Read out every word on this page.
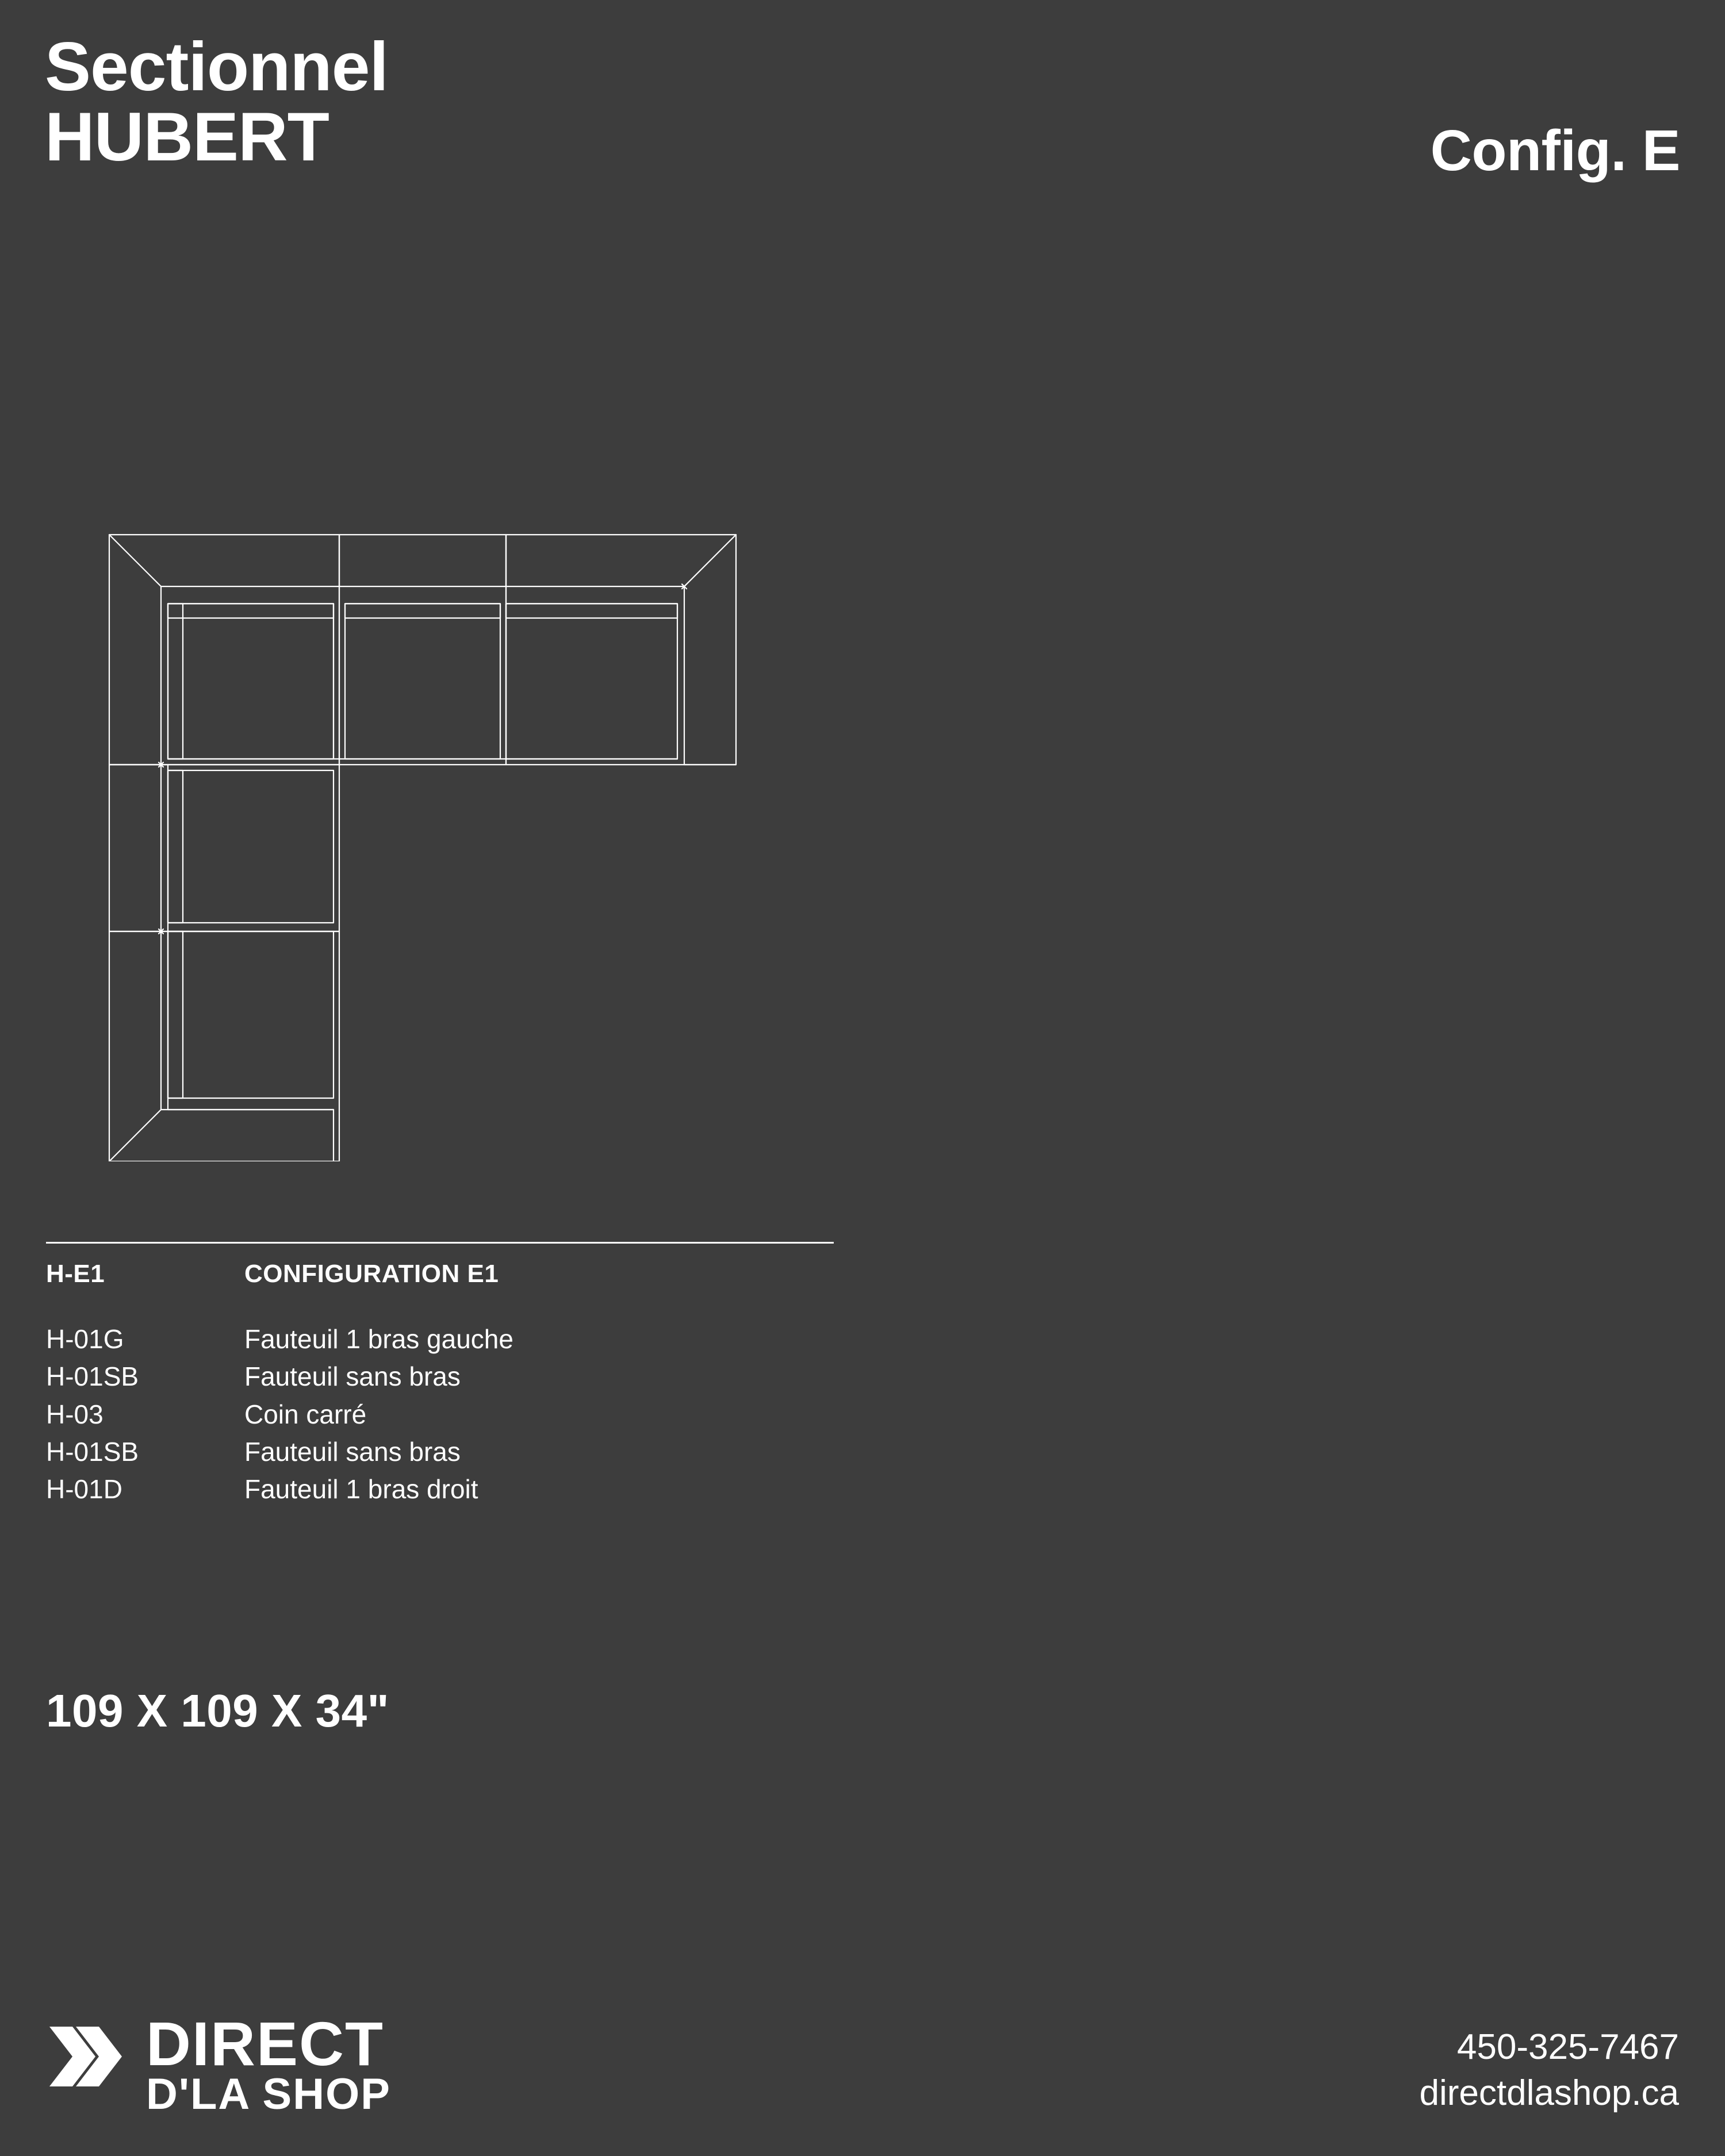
Sectionnel
HUBERT	Config. E
H-E1	CONFIGURATION E1
H-01G	Fauteuil 1 bras gauche
H-01SB	Fauteuil sans bras
H-03	Coin carré
H-01SB	Fauteuil sans bras
H-01D	Fauteuil 1 bras droit
109 X 109 X 34"
DIRECT
D'LA SHOP
450-325-7467
directdlashop.ca
